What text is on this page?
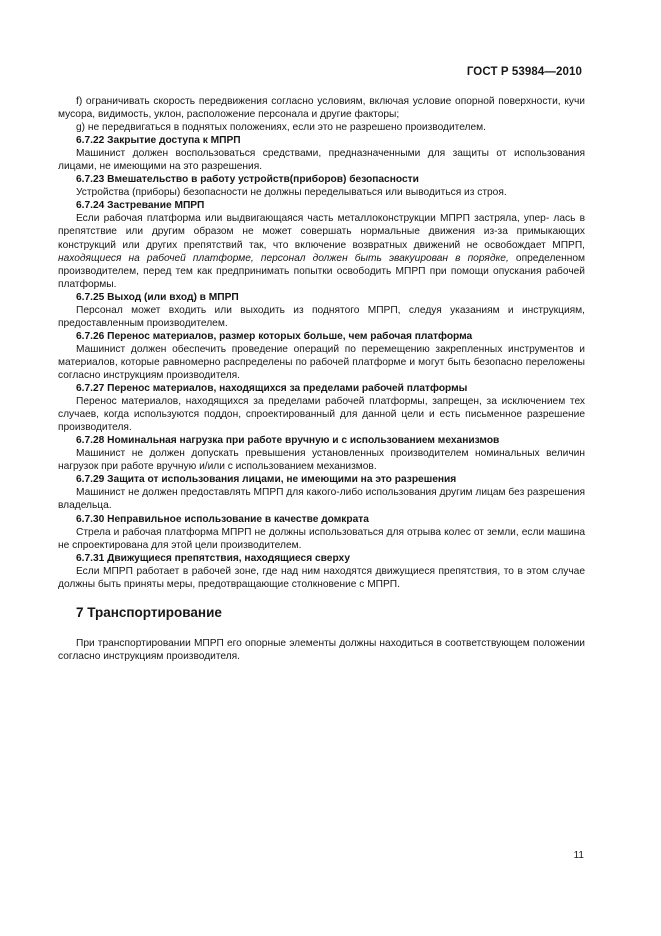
ГОСТ Р 53984—2010

f) ограничивать скорость передвижения согласно условиям, включая условие опорной поверхности, кучи мусора, видимость, уклон, расположение персонала и другие факторы;

g) не передвигаться в поднятых положениях, если это не разрешено производителем.

6.7.22 Закрытие доступа к МПРП

Машинист должен воспользоваться средствами, предназначенными для защиты от использования лицами, не имеющими на это разрешения.

6.7.23 Вмешательство в работу устройств(приборов) безопасности

Устройства (приборы) безопасности не должны переделываться или выводиться из строя.

6.7.24 Застревание МПРП

Если рабочая платформа или выдвигающаяся часть металлоконструкции МПРП застряла, упер- лась в препятствие или другим образом не может совершать нормальные движения из-за примыкающих конструкций или других препятствий так, что включение возвратных движений не освобождает МПРП, находящиеся на рабочей платформе, персонал должен быть эвакуирован в порядке, определенном производителем, перед тем как предпринимать попытки освободить МПРП при помощи опускания рабочей платформы.

6.7.25 Выход (или вход) в МПРП

Персонал может входить или выходить из поднятого МПРП, следуя указаниям и инструкциям, предоставленным производителем.

6.7.26 Перенос материалов, размер которых больше, чем рабочая платформа

Машинист должен обеспечить проведение операций по перемещению закрепленных инструментов и материалов, которые равномерно распределены по рабочей платформе и могут быть безопасно переложены согласно инструкциям производителя.

6.7.27 Перенос материалов, находящихся за пределами рабочей платформы

Перенос материалов, находящихся за пределами рабочей платформы, запрещен, за исключением тех случаев, когда используются поддон, спроектированный для данной цели и есть письменное разрешение производителя.

6.7.28 Номинальная нагрузка при работе вручную и с использованием механизмов

Машинист не должен допускать превышения установленных производителем номинальных величин нагрузок при работе вручную и/или с использованием механизмов.

6.7.29 Защита от использования лицами, не имеющими на это разрешения

Машинист не должен предоставлять МПРП для какого-либо использования другим лицам без разрешения владельца.

6.7.30 Неправильное использование в качестве домкрата

Стрела и рабочая платформа МПРП не должны использоваться для отрыва колес от земли, если машина не спроектирована для этой цели производителем.

6.7.31 Движущиеся препятствия, находящиеся сверху

Если МПРП работает в рабочей зоне, где над ним находятся движущиеся препятствия, то в этом случае должны быть приняты меры, предотвращающие столкновение с МПРП.

7 Транспортирование

При транспортировании МПРП его опорные элементы должны находиться в соответствующем положении согласно инструкциям производителя.

11
